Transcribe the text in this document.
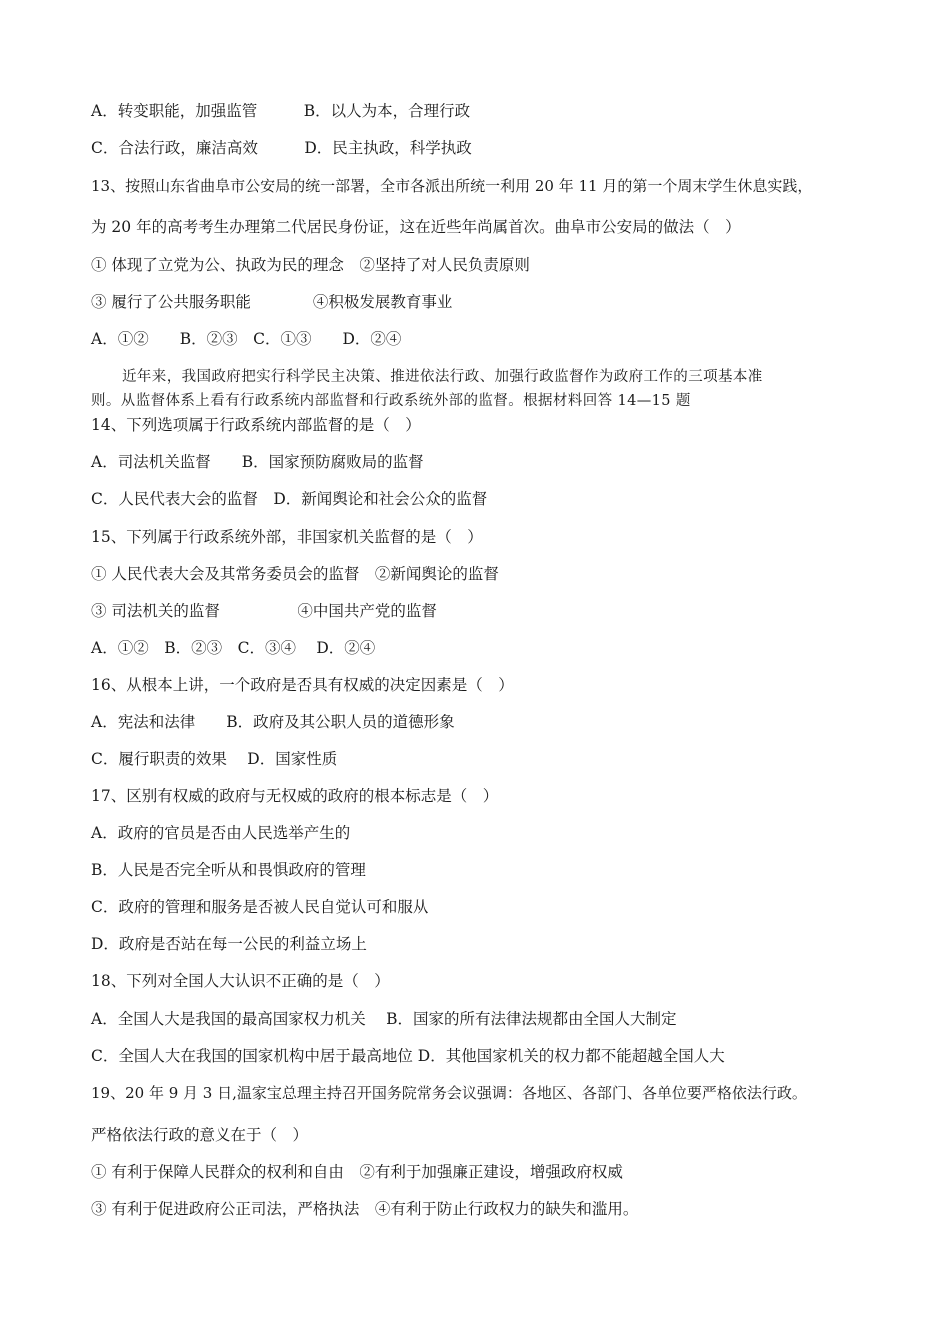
A．转变职能，加强监管　　　B．以人为本，合理行政
C．合法行政，廉洁高效　　　D．民主执政，科学执政
13、按照山东省曲阜市公安局的统一部署，全市各派出所统一利用 20 年 11 月的第一个周末学生休息实践，
为 20 年的高考考生办理第二代居民身份证，这在近些年尚属首次。曲阜市公安局的做法（　）
① 体现了立党为公、执政为民的理念　②坚持了对人民负责原则
③ 履行了公共服务职能　　　　④积极发展教育事业
A．①②　　B．②③　C．①③　　D．②④
近年来，我国政府把实行科学民主决策、推进依法行政、加强行政监督作为政府工作的三项基本准
则。从监督体系上看有行政系统内部监督和行政系统外部的监督。根据材料回答 14—15 题
14、下列选项属于行政系统内部监督的是（　）
A．司法机关监督　　B．国家预防腐败局的监督
C．人民代表大会的监督　D．新闻舆论和社会公众的监督
15、下列属于行政系统外部，非国家机关监督的是（　）
① 人民代表大会及其常务委员会的监督　②新闻舆论的监督
③ 司法机关的监督　　　　　④中国共产党的监督
A．①②　B．②③　C．③④　 D．②④
16、从根本上讲，一个政府是否具有权威的决定因素是（　）
A．宪法和法律　　B．政府及其公职人员的道德形象
C．履行职责的效果　 D．国家性质
17、区别有权威的政府与无权威的政府的根本标志是（　）
A．政府的官员是否由人民选举产生的
B．人民是否完全听从和畏惧政府的管理
C．政府的管理和服务是否被人民自觉认可和服从
D．政府是否站在每一公民的利益立场上
18、下列对全国人大认识不正确的是（　）
A．全国人大是我国的最高国家权力机关　 B．国家的所有法律法规都由全国人大制定
C．全国人大在我国的国家机构中居于最高地位 D．其他国家机关的权力都不能超越全国人大
19、20 年 9 月 3 日,温家宝总理主持召开国务院常务会议强调：各地区、各部门、各单位要严格依法行政。
严格依法行政的意义在于（　）
① 有利于保障人民群众的权利和自由　②有利于加强廉正建设，增强政府权威
③ 有利于促进政府公正司法，严格执法　④有利于防止行政权力的缺失和滥用。
